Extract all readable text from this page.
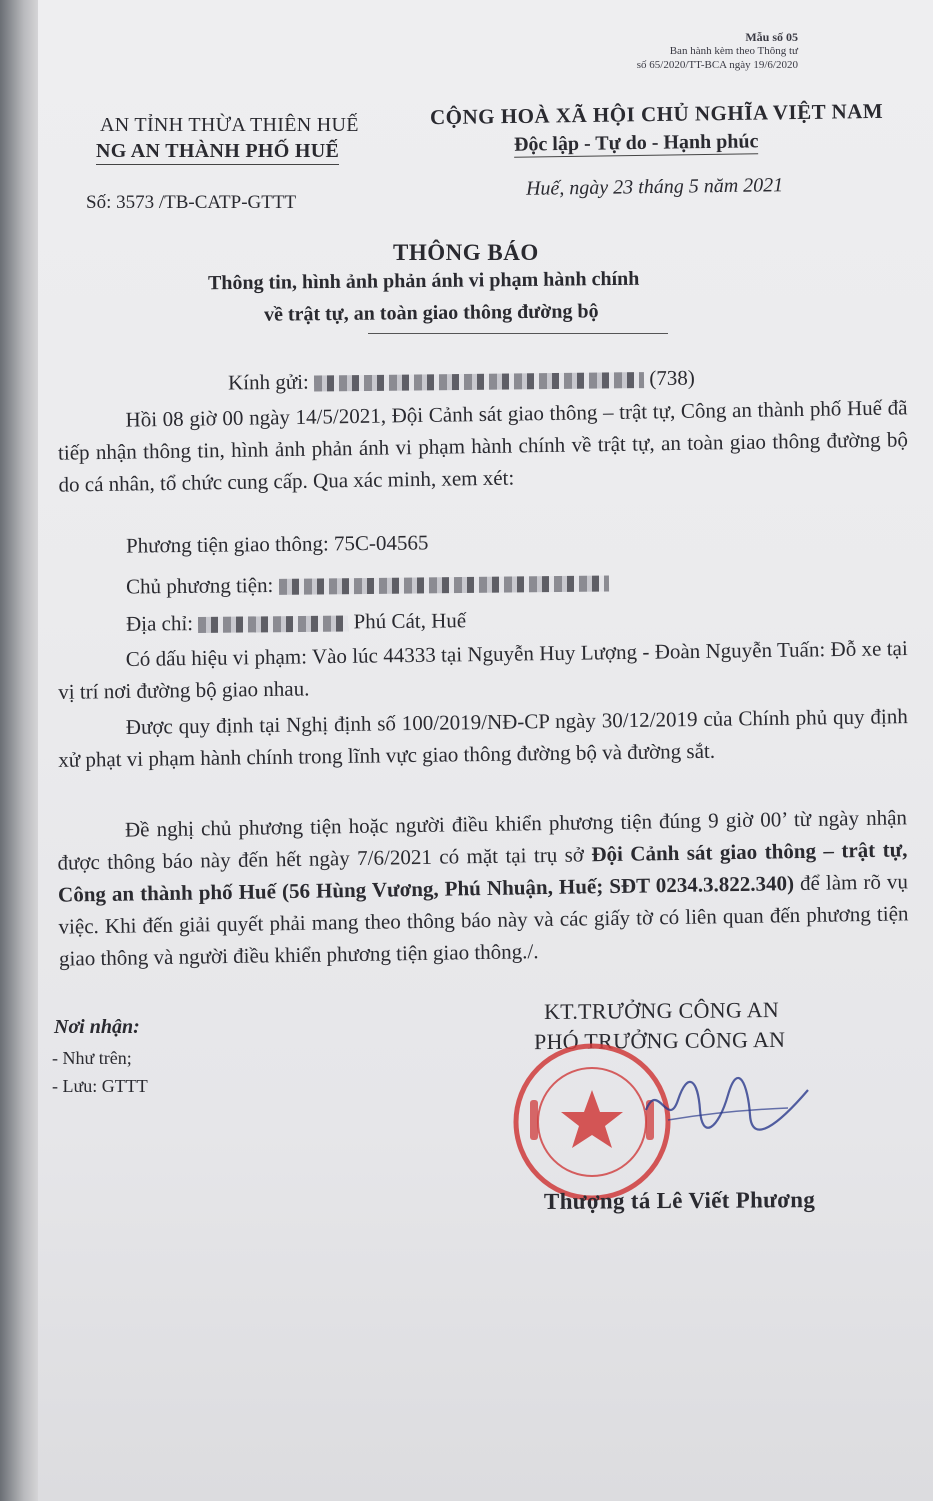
Mẫu số 05
Ban hành kèm theo Thông tư
số 65/2020/TT-BCA ngày 19/6/2020
AN TỈNH THỪA THIÊN HUẾ
NG AN THÀNH PHỐ HUẾ
Số: 3573 /TB-CATP-GTTT
CỘNG HOÀ XÃ HỘI CHỦ NGHĨA VIỆT NAM
Độc lập - Tự do - Hạnh phúc
Huế, ngày 23 tháng 5 năm 2021
THÔNG BÁO
Thông tin, hình ảnh phản ánh vi phạm hành chính
về trật tự, an toàn giao thông đường bộ
Kính gửi:	(738)
Hồi 08 giờ 00 ngày 14/5/2021, Đội Cảnh sát giao thông – trật tự, Công an thành phố Huế đã tiếp nhận thông tin, hình ảnh phản ánh vi phạm hành chính về trật tự, an toàn giao thông đường bộ do cá nhân, tổ chức cung cấp. Qua xác minh, xem xét:
Phương tiện giao thông: 75C-04565
Chủ phương tiện:
Địa chỉ:	Phú Cát, Huế
Có dấu hiệu vi phạm: Vào lúc 44333 tại Nguyễn Huy Lượng - Đoàn Nguyễn Tuấn: Đỗ xe tại vị trí nơi đường bộ giao nhau.
Được quy định tại Nghị định số 100/2019/NĐ-CP ngày 30/12/2019 của Chính phủ quy định xử phạt vi phạm hành chính trong lĩnh vực giao thông đường bộ và đường sắt.
Đề nghị chủ phương tiện hoặc người điều khiển phương tiện đúng 9 giờ 00’ từ ngày nhận được thông báo này đến hết ngày 7/6/2021 có mặt tại trụ sở Đội Cảnh sát giao thông – trật tự, Công an thành phố Huế (56 Hùng Vương, Phú Nhuận, Huế; SĐT 0234.3.822.340) để làm rõ vụ việc. Khi đến giải quyết phải mang theo thông báo này và các giấy tờ có liên quan đến phương tiện giao thông và người điều khiển phương tiện giao thông./.
Nơi nhận:
- Như trên;
- Lưu: GTTT
KT.TRƯỞNG CÔNG AN
PHÓ TRƯỞNG CÔNG AN
Thượng tá Lê Viết Phương
